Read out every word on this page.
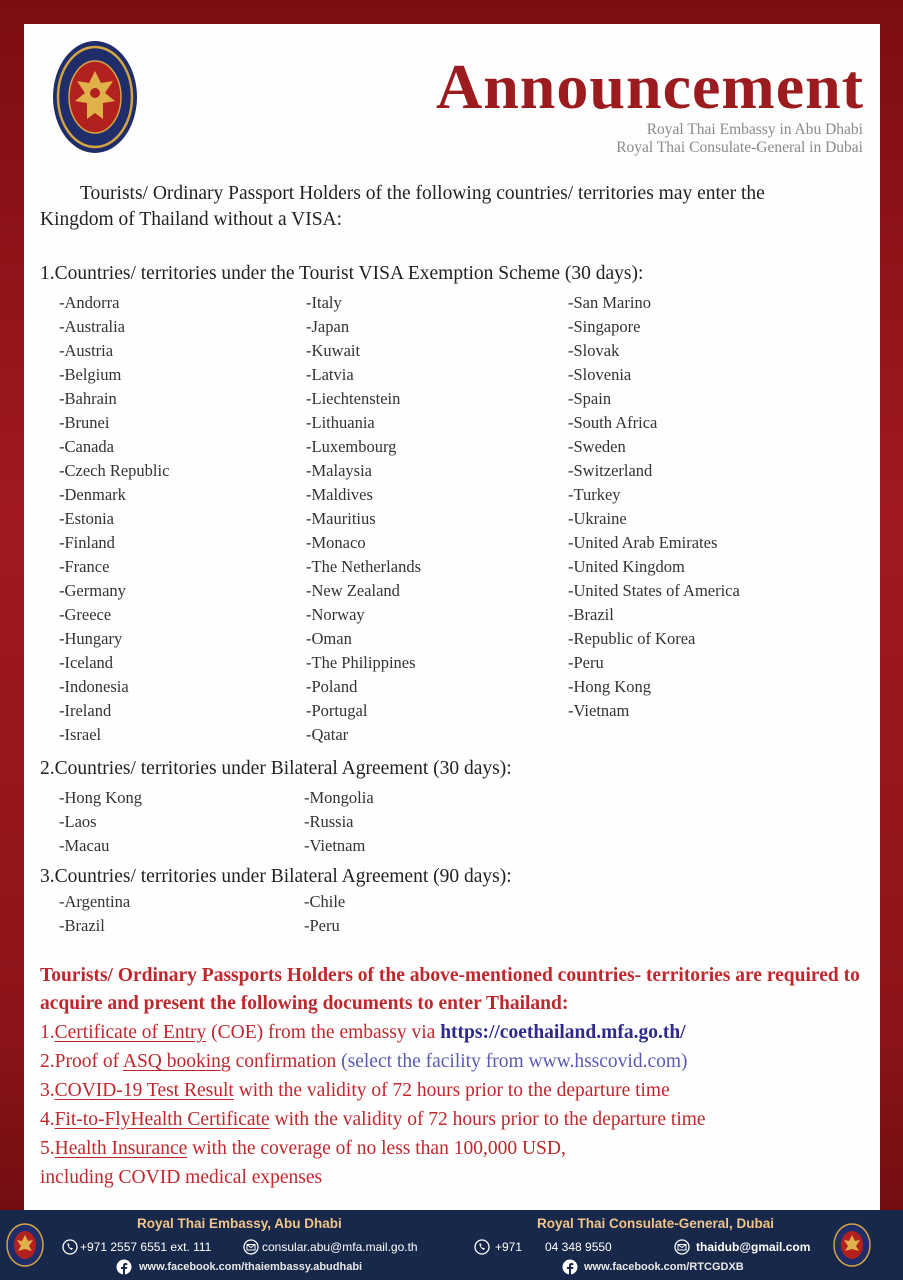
Announcement
Royal Thai Embassy in Abu Dhabi
Royal Thai Consulate-General in Dubai

Tourists/ Ordinary Passport Holders of the following countries/ territories may enter the Kingdom of Thailand without a VISA:

1.Countries/ territories under the Tourist VISA Exemption Scheme (30 days):
-Andorra
-Australia
-Austria
-Belgium
-Bahrain
-Brunei
-Canada
-Czech Republic
-Denmark
-Estonia
-Finland
-France
-Germany
-Greece
-Hungary
-Iceland
-Indonesia
-Ireland
-Israel
-Italy
-Japan
-Kuwait
-Latvia
-Liechtenstein
-Lithuania
-Luxembourg
-Malaysia
-Maldives
-Mauritius
-Monaco
-The Netherlands
-New Zealand
-Norway
-Oman
-The Philippines
-Poland
-Portugal
-Qatar
-San Marino
-Singapore
-Slovak
-Slovenia
-Spain
-South Africa
-Sweden
-Switzerland
-Turkey
-Ukraine
-United Arab Emirates
-United Kingdom
-United States of America
-Brazil
-Republic of Korea
-Peru
-Hong Kong
-Vietnam
2.Countries/ territories under Bilateral Agreement (30 days):
-Hong Kong
-Laos
-Macau
-Mongolia
-Russia
-Vietnam
3.Countries/ territories under Bilateral Agreement (90 days):
-Argentina
-Brazil
-Chile
-Peru

Tourists/ Ordinary Passports Holders of the above-mentioned countries- territories are required to acquire and present the following documents to enter Thailand:

1.Certificate of Entry (COE) from the embassy via https://coethailand.mfa.go.th/
2.Proof of ASQ booking confirmation (select the facility from www.hsscovid.com)
3.COVID-19 Test Result with the validity of 72 hours prior to the departure time
4.Fit-to-FlyHealth Certificate with the validity of 72 hours prior to the departure time
5.Health Insurance with the coverage of no less than 100,000 USD,
including COVID medical expenses
Royal Thai Embassy, Abu Dhabi
+971 2557 6551 ext. 111	consular.abu@mfa.mail.go.th
www.facebook.com/thaiembassy.abudhabi
Royal Thai Consulate-General, Dubai
+971 04 348 9550	thaidub@gmail.com
www.facebook.com/RTCGDXB
